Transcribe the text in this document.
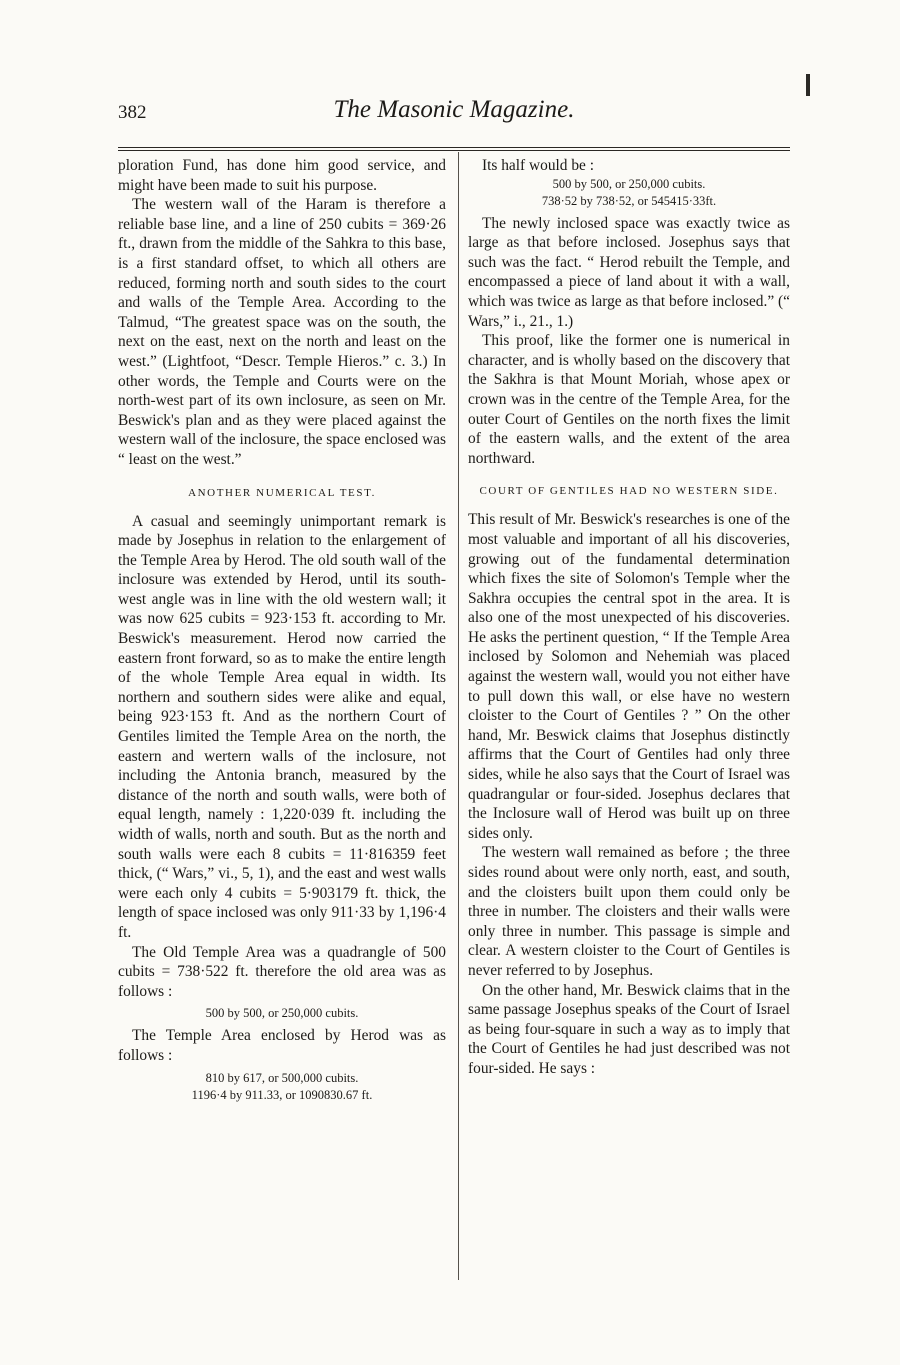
382	The Masonic Magazine.

ploration Fund, has done him good service, and might have been made to suit his purpose.

The western wall of the Haram is therefore a reliable base line, and a line of 250 cubits = 369·26 ft., drawn from the middle of the Sahkra to this base, is a first standard offset, to which all others are reduced, forming north and south sides to the court and walls of the Temple Area. According to the Talmud, “The greatest space was on the south, the next on the east, next on the north and least on the west.” (Lightfoot, “Descr. Temple Hieros.” c. 3.) In other words, the Temple and Courts were on the north-west part of its own inclosure, as seen on Mr. Beswick's plan and as they were placed against the western wall of the inclosure, the space enclosed was “ least on the west.”

ANOTHER NUMERICAL TEST.

A casual and seemingly unimportant remark is made by Josephus in relation to the enlargement of the Temple Area by Herod. The old south wall of the inclosure was extended by Herod, until its south-west angle was in line with the old western wall; it was now 625 cubits = 923·153 ft. according to Mr. Beswick's measurement. Herod now carried the eastern front forward, so as to make the entire length of the whole Temple Area equal in width. Its northern and southern sides were alike and equal, being 923·153 ft. And as the northern Court of Gentiles limited the Temple Area on the north, the eastern and wertern walls of the inclosure, not including the Antonia branch, measured by the distance of the north and south walls, were both of equal length, namely : 1,220·039 ft. including the width of walls, north and south. But as the north and south walls were each 8 cubits = 11·816359 feet thick, (“ Wars,” vi., 5, 1), and the east and west walls were each only 4 cubits = 5·903179 ft. thick, the length of space inclosed was only 911·33 by 1,196·4 ft.

The Old Temple Area was a quadrangle of 500 cubits = 738·522 ft. therefore the old area was as follows :

500 by 500, or 250,000 cubits.

The Temple Area enclosed by Herod was as follows :

810 by 617, or 500,000 cubits.
1196·4 by 911.33, or 1090830.67 ft.

Its half would be :

500 by 500, or 250,000 cubits.
738·52 by 738·52, or 545415·33ft.

The newly inclosed space was exactly twice as large as that before inclosed. Josephus says that such was the fact. “ Herod rebuilt the Temple, and encompassed a piece of land about it with a wall, which was twice as large as that before inclosed.” (“ Wars,” i., 21., 1.)

This proof, like the former one is numerical in character, and is wholly based on the discovery that the Sakhra is that Mount Moriah, whose apex or crown was in the centre of the Temple Area, for the outer Court of Gentiles on the north fixes the limit of the eastern walls, and the extent of the area northward.

COURT OF GENTILES HAD NO WESTERN SIDE.

This result of Mr. Beswick's researches is one of the most valuable and important of all his discoveries, growing out of the fundamental determination which fixes the site of Solomon's Temple wher the Sakhra occupies the central spot in the area. It is also one of the most unexpected of his discoveries. He asks the pertinent question, “ If the Temple Area inclosed by Solomon and Nehemiah was placed against the western wall, would you not either have to pull down this wall, or else have no western cloister to the Court of Gentiles ? ” On the other hand, Mr. Beswick claims that Josephus distinctly affirms that the Court of Gentiles had only three sides, while he also says that the Court of Israel was quadrangular or four-sided. Josephus declares that the Inclosure wall of Herod was built up on three sides only.

The western wall remained as before ; the three sides round about were only north, east, and south, and the cloisters built upon them could only be three in number. The cloisters and their walls were only three in number. This passage is simple and clear. A western cloister to the Court of Gentiles is never referred to by Josephus.

On the other hand, Mr. Beswick claims that in the same passage Josephus speaks of the Court of Israel as being four-square in such a way as to imply that the Court of Gentiles he had just described was not four-sided. He says :
